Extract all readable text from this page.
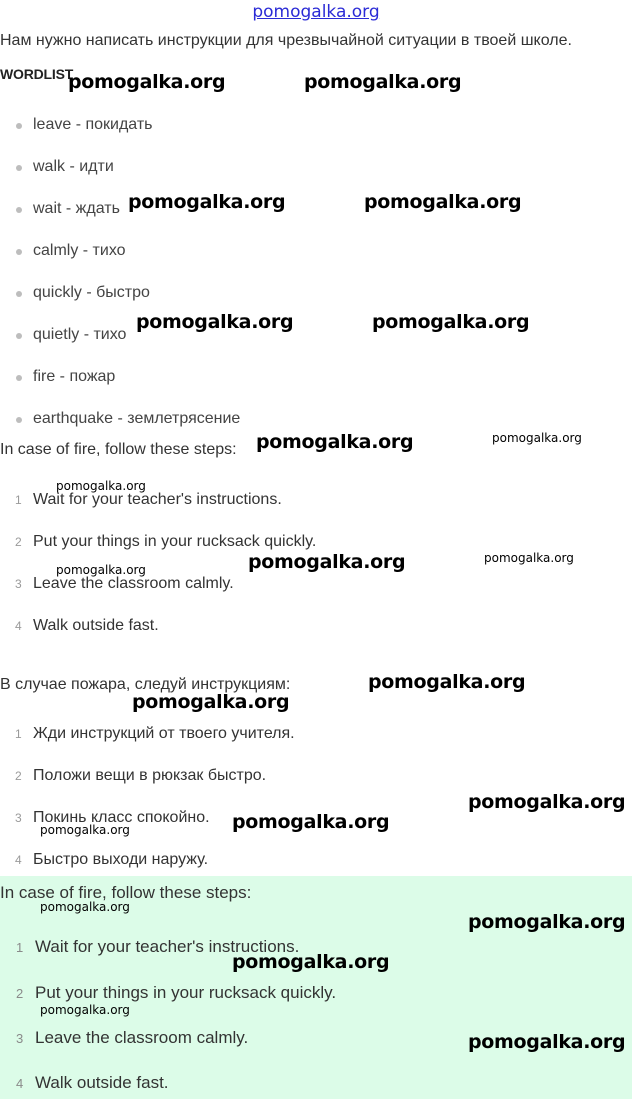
pomogalka.org
Нам нужно написать инструкции для чрезвычайной ситуации в твоей школе.
WORDLIST
leave - покидать
walk - идти
wait - ждать
calmly - тихо
quickly - быстро
quietly - тихо
fire - пожар
earthquake - землетрясение
In case of fire, follow these steps:
1 Wait for your teacher's instructions.
2 Put your things in your rucksack quickly.
3 Leave the classroom calmly.
4 Walk outside fast.
В случае пожара, следуй инструкциям:
1 Жди инструкций от твоего учителя.
2 Положи вещи в рюкзак быстро.
3 Покинь класс спокойно.
4 Быстро выходи наружу.
In case of fire, follow these steps:
1 Wait for your teacher's instructions.
2 Put your things in your rucksack quickly.
3 Leave the classroom calmly.
4 Walk outside fast.
pomogalka.org	pomogalka.org
pomogalka.org	pomogalka.org
pomogalka.org	pomogalka.org
pomogalka.org	pomogalka.org
pomogalka.org
pomogalka.org	pomogalka.org
pomogalka.org
pomogalka.org
pomogalka.org
pomogalka.org
pomogalka.org
pomogalka.org
pomogalka.org
pomogalka.org
pomogalka.org
pomogalka.org
pomogalka.org
